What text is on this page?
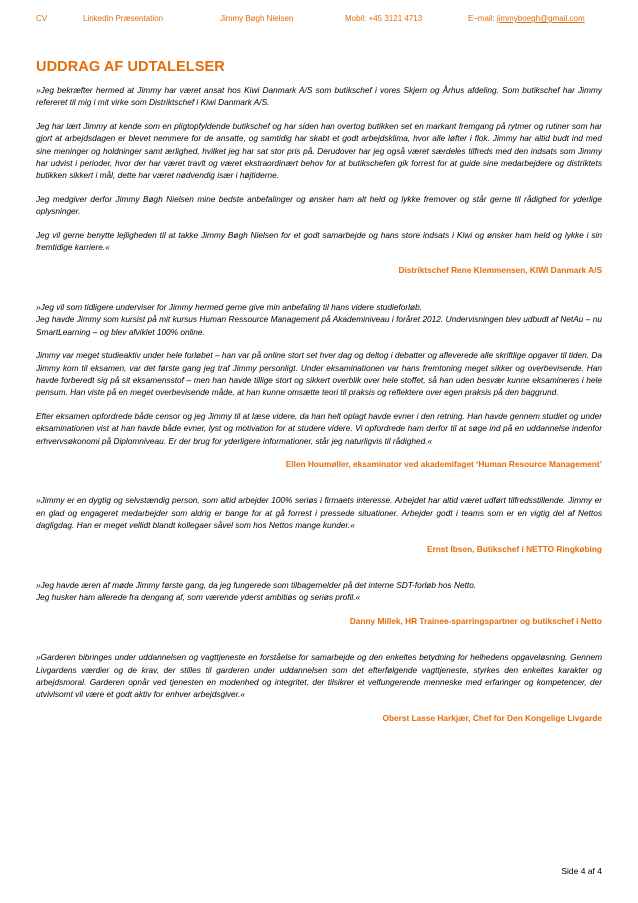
CV	LinkedIn Præsentation	Jimmy Bøgh Nielsen	Mobil: +45 3121 4713	E–mail: jimmyboegh@gmail.com
UDDRAG AF UDTALELSER

»Jeg bekræfter hermed at Jimmy har været ansat hos Kiwi Danmark A/S som butikschef i vores Skjern og Århus afdeling. Som butikschef har Jimmy refereret til mig i mit virke som Distriktschef i Kiwi Danmark A/S.

Jeg har lært Jimmy at kende som en pligtopfyldende butikschef og har siden han overtog butikken set en markant fremgang på rytmer og rutiner som har gjort at arbejdsdagen er blevet nemmere for de ansatte, og samtidig har skabt et godt arbejdsklima, hvor alle løfter i flok. Jimmy har altid budt ind med sine meninger og holdninger samt ærlighed, hvilket jeg har sat stor pris på. Derudover har jeg også været særdeles tilfreds med den indsats som Jimmy har udvist i perioder, hvor der har været travlt og været ekstraordinært behov for at butikschefen gik forrest for at guide sine medarbejdere og distriktets butikken sikkert i mål, dette har været nødvendig især i højtiderne.

Jeg medgiver derfor Jimmy Bøgh Nielsen mine bedste anbefalinger og ønsker ham alt held og lykke fremover og står gerne til rådighed for yderlige oplysninger.

Jeg vil gerne benytte lejligheden til at takke Jimmy Bøgh Nielsen for et godt samarbejde og hans store indsats i Kiwi og ønsker ham held og lykke i sin fremtidige karriere.«

Distriktschef Rene Klemmensen, KIWI Danmark A/S

»Jeg vil som tidligere underviser for Jimmy hermed gerne give min anbefaling til hans videre studieforløb.
Jeg havde Jimmy som kursist på mit kursus Human Ressource Management på Akademiniveau i foråret 2012. Undervisningen blev udbudt af NetAu – nu SmartLearning – og blev afviklet 100% online.

Jimmy var meget studieaktiv under hele forløbet – han var på online stort set hver dag og deltog i debatter og afleverede alle skriftlige opgaver til tiden. Da Jimmy kom til eksamen, var det første gang jeg traf Jimmy personligt. Under eksaminationen var hans fremtoning meget sikker og overbevisende. Han havde forberedt sig på sit eksamensstof – men han havde tillige stort og sikkert overblik over hele stoffet, så han uden besvær kunne eksamineres i hele pensum. Han viste på en meget overbevisende måde, at han kunne omsætte teori til praksis og reflektere over egen praksis på den baggrund.

Efter eksamen opfordrede både censor og jeg Jimmy til at læse videre, da han helt oplagt havde evner i den retning. Han havde gennem studiet og under eksaminationen vist at han havde både evner, lyst og motivation for at studere videre. Vi opfordrede ham derfor til at søge ind på en uddannelse indenfor erhvervsøkonomi på Diplomniveau. Er der brug for yderligere informationer, står jeg naturligvis til rådighed.«

Ellen Houmøller, eksaminator ved akademifaget ‘Human Resource Management’

»Jimmy er en dygtig og selvstændig person, som altid arbejder 100% seriøs i firmaets interesse. Arbejdet har altid været udført tilfredsstillende. Jimmy er en glad og engageret medarbejder som aldrig er bange for at gå forrest i pressede situationer. Arbejder godt i teams som er en vigtig del af Nettos dagligdag. Han er meget vellidt blandt kollegaer såvel som hos Nettos mange kunder.«

Ernst Ibsen, Butikschef i NETTO Ringkøbing

»Jeg havde æren af møde Jimmy første gang, da jeg fungerede som tilbagemelder på det interne SDT-forløb hos Netto.
Jeg husker ham allerede fra dengang af, som værende yderst ambitiøs og seriøs profil.«

Danny Millek, HR Trainee-sparringspartner og butikschef i Netto

»Garderen bibringes under uddannelsen og vagttjeneste en forståelse for samarbejde og den enkeltes betydning for helhedens opgaveløsning. Gennem Livgardens værdier og de krav, der stilles til garderen under uddannelsen som det efterfølgende vagttjeneste, styrkes den enkeltes karakter og arbejdsmoral. Garderen opnår ved tjenesten en modenhed og integritet, der tilsikrer et velfungerende menneske med erfaringer og kompetencer, der utvivlsomt vil være et godt aktiv for enhver arbejdsgiver.«

Oberst Lasse Harkjær, Chef for Den Kongelige Livgarde

Side 4 af 4
